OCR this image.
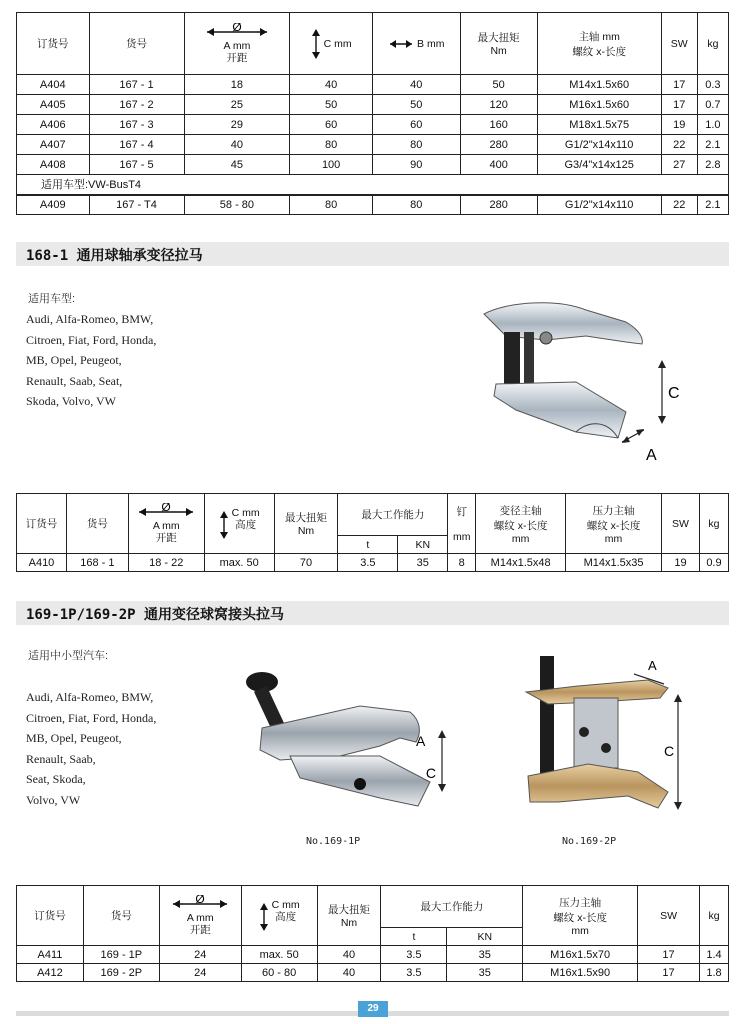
订货号	货号	Ø

A mm
开距	C mm	B mm	最大扭矩
Nm	主轴 mm
螺纹 x-长度	SW	kg
A404	167 - 1	18	40	40	50	M14x1.5x60	17	0.3
A405	167 - 2	25	50	50	120	M16x1.5x60	17	0.7
A406	167 - 3	29	60	60	160	M18x1.5x75	19	1.0
A407	167 - 4	40	80	80	280	G1/2"x14x110	22	2.1
A408	167 - 5	45	100	90	400	G3/4"x14x125	27	2.8
适用车型:VW-BusT4								
A409	167 - T4	58 - 80	80	80	280	G1/2"x14x110	22	2.1
168-1 通用球轴承变径拉马
适用车型:
Audi, Alfa-Romeo, BMW,
Citroen, Fiat, Ford, Honda,
MB, Opel, Peugeot,
Renault, Saab, Seat,
Skoda, Volvo, VW	C
A
订货号	货号	Ø

A mm
开距	C mm
高度	最大扭矩
Nm	最大工作能力		钉

mm	变径主轴
螺纹 x-长度
mm	压力主轴
螺纹 x-长度
mm	SW	kg
					t	KN					
A410	168 - 1	18 - 22	max. 50	70	3.5	35	8	M14x1.5x48	M14x1.5x35	19	0.9
169-1P/169-2P 通用变径球窝接头拉马
适用中小型汽车:
Audi, Alfa-Romeo, BMW,
Citroen, Fiat, Ford, Honda,
MB, Opel, Peugeot,
Renault, Saab,
Seat, Skoda,
Volvo, VW
C
A
No.169-1P
C
A
No.169-2P
订货号	货号	Ø

A mm
开距	C mm
高度	最大扭矩
Nm	最大工作能力		压力主轴
螺纹 x-长度
mm	SW	kg
					t	KN			
A411	169 - 1P	24	max. 50	40	3.5	35	M16x1.5x70	17	1.4
A412	169 - 2P	24	60 - 80	40	3.5	35	M16x1.5x90	17	1.8
29
